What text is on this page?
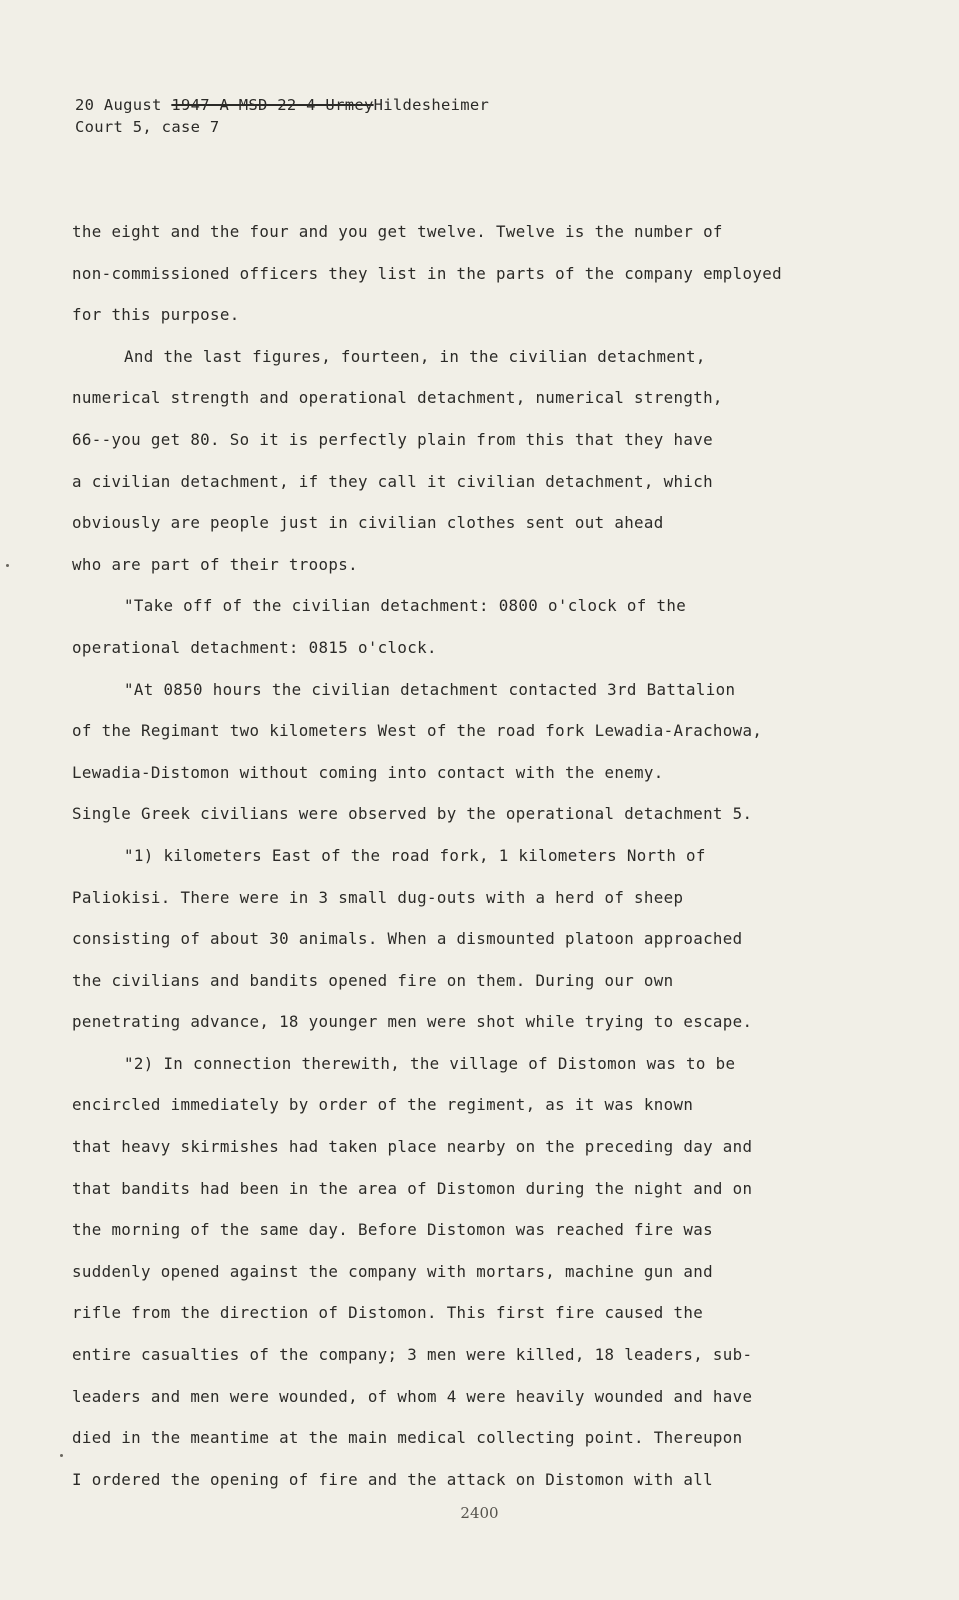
20 August 1947 A MSD 22 4 UrmeyHildesheimer
Court 5, case 7
the eight and the four and you get twelve. Twelve is the number of
non-commissioned officers they list in the parts of the company employed
for this purpose.
And the last figures, fourteen, in the civilian detachment,
numerical strength and operational detachment, numerical strength,
66--you get 80. So it is perfectly plain from this that they have
a civilian detachment, if they call it civilian detachment, which
obviously are people just in civilian clothes sent out ahead
who are part of their troops.
"Take off of the civilian detachment: 0800 o'clock of the
operational detachment: 0815 o'clock.
"At 0850 hours the civilian detachment contacted 3rd Battalion
of the Regimant two kilometers West of the road fork Lewadia-Arachowa,
Lewadia-Distomon without coming into contact with the enemy.
Single Greek civilians were observed by the operational detachment 5.
"1) kilometers East of the road fork, 1 kilometers North of
Paliokisi. There were in 3 small dug-outs with a herd of sheep
consisting of about 30 animals. When a dismounted platoon approached
the civilians and bandits opened fire on them. During our own
penetrating advance, 18 younger men were shot while trying to escape.
"2) In connection therewith, the village of Distomon was to be
encircled immediately by order of the regiment, as it was known
that heavy skirmishes had taken place nearby on the preceding day and
that bandits had been in the area of Distomon during the night and on
the morning of the same day. Before Distomon was reached fire was
suddenly opened against the company with mortars, machine gun and
rifle from the direction of Distomon. This first fire caused the
entire casualties of the company; 3 men were killed, 18 leaders, sub-
leaders and men were wounded, of whom 4 were heavily wounded and have
died in the meantime at the main medical collecting point. Thereupon
I ordered the opening of fire and the attack on Distomon with all
2400
